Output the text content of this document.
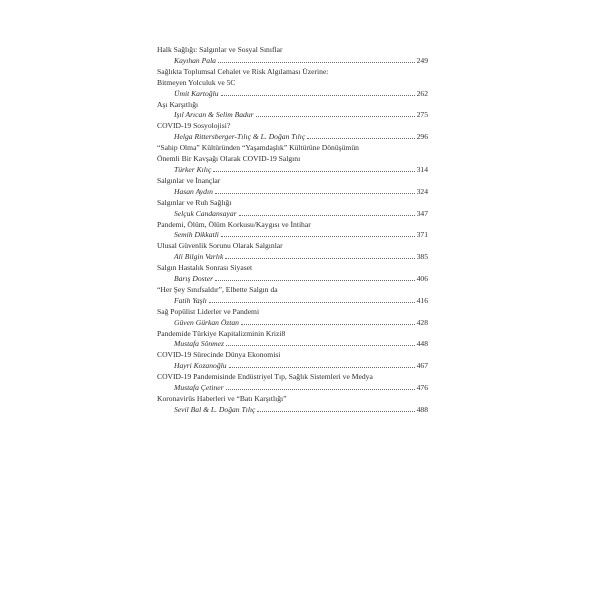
Halk Sağlığı: Salgınlar ve Sosyal Sınıflar
Kayıhan Pala	249
Sağlıkta Toplumsal Cehalet ve Risk Algılaması Üzerine:
Bitmeyen Yolculuk ve 5C
Ümit Kartoğlu	262
Aşı Karşıtlığı
Işıl Arıcan & Selim Badur	275
COVID-19 Sosyolojisi?
Helga Rittersberger-Tılıç & L. Doğan Tılıç	296
“Sahip Olma” Kültüründen “Yaşamdaşlık” Kültürüne Dönüşümün
Önemli Bir Kavşağı Olarak COVID-19 Salgını
Türker Kılıç	314
Salgınlar ve İnançlar
Hasan Aydın	324
Salgınlar ve Ruh Sağlığı
Selçuk Candansayar	347
Pandemi, Ölüm, Ölüm Korkusu/Kaygısı ve İntihar
Semih Dikkatli	371
Ulusal Güvenlik Sorunu Olarak Salgınlar
Ali Bilgin Varlık	385
Salgın Hastalık Sonrası Siyaset
Barış Doster	406
“Her Şey Sınıfsaldır”, Elbette Salgın da
Fatih Yaşlı	416
Sağ Popülist Liderler ve Pandemi
Güven Gürkan Öztan	428
Pandemide Türkiye Kapitalizminin Krizi8
Mustafa Sönmez	448
COVID-19 Sürecinde Dünya Ekonomisi
Hayri Kozanoğlu	467
COVID-19 Pandemisinde Endüstriyel Tıp, Sağlık Sistemleri ve Medya
Mustafa Çetiner	476
Koronavirüs Haberleri ve “Batı Karşıtlığı”
Sevil Bal & L. Doğan Tılıç	488
